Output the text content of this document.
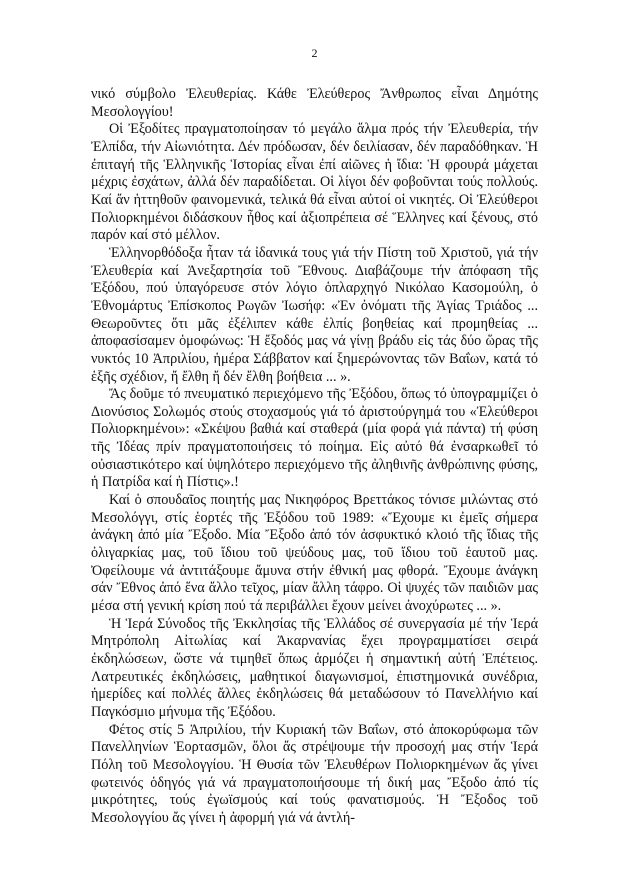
2

νικό σύμβολο Ἐλευθερίας. Κάθε Ἐλεύθερος Ἄνθρωπος εἶναι Δημότης Μεσολογγίου!

Οἱ Ἐξοδίτες πραγματοποίησαν τό μεγάλο ἅλμα πρός τήν Ἐλευθερία, τήν Ἐλπίδα, τήν Αἰωνιότητα. Δέν πρόδωσαν, δέν δειλίασαν, δέν παραδόθηκαν. Ἡ ἐπιταγή τῆς Ἑλληνικῆς Ἱστορίας εἶναι ἐπί αἰῶνες ἡ ἴδια: Ἡ φρουρά μάχεται μέχρις ἐσχάτων, ἀλλά δέν παραδίδεται. Οἱ λίγοι δέν φοβοῦνται τούς πολλούς. Καί ἄν ἡττηθοῦν φαινομενικά, τελικά θά εἶναι αὐτοί οἱ νικητές. Οἱ Ἐλεύθεροι Πολιορκημένοι διδάσκουν ἦθος καί ἀξιοπρέπεια σέ Ἕλληνες καί ξένους, στό παρόν καί στό μέλλον.

Ἑλληνορθόδοξα ἦταν τά ἰδανικά τους γιά τήν Πίστη τοῦ Χριστοῦ, γιά τήν Ἐλευθερία καί Ἀνεξαρτησία τοῦ Ἔθνους. Διαβάζουμε τήν ἀπόφαση τῆς Ἐξόδου, πού ὑπαγόρευσε στόν λόγιο ὁπλαρχηγό Νικόλαο Κασομούλη, ὁ Ἐθνομάρτυς Ἐπίσκοπος Ρωγῶν Ἰωσήφ: «Ἐν ὀνόματι τῆς Ἁγίας Τριάδος ... Θεωροῦντες ὅτι μᾶς ἐξέλιπεν κάθε ἐλπίς βοηθείας καί προμηθείας ... ἀποφασίσαμεν ὁμοφώνως: Ἡ ἔξοδός μας νά γίνῃ βράδυ εἰς τάς δύο ὥρας τῆς νυκτός 10 Ἀπριλίου, ἡμέρα Σάββατον καί ξημερώνοντας τῶν Βαΐων, κατά τό ἑξῆς σχέδιον, ἤ ἔλθη ἤ δέν ἔλθη βοήθεια ... ».

Ἄς δοῦμε τό πνευματικό περιεχόμενο τῆς Ἐξόδου, ὅπως τό ὑπογραμμίζει ὁ Διονύσιος Σολωμός στούς στοχασμούς γιά τό ἀριστούργημά του «Ἐλεύθεροι Πολιορκημένοι»: «Σκέψου βαθιά καί σταθερά (μία φορά γιά πάντα) τή φύση τῆς Ἰδέας πρίν πραγματοποιήσεις τό ποίημα. Εἰς αὐτό θά ἐνσαρκωθεῖ τό οὐσιαστικότερο καί ὑψηλότερο περιεχόμενο τῆς ἀληθινῆς ἀνθρώπινης φύσης, ἡ Πατρίδα καί ἡ Πίστις».!

Καί ὁ σπουδαῖος ποιητής μας Νικηφόρος Βρεττάκος τόνισε μιλώντας στό Μεσολόγγι, στίς ἑορτές τῆς Ἐξόδου τοῦ 1989: «Ἔχουμε κι ἐμεῖς σήμερα ἀνάγκη ἀπό μία Ἔξοδο. Μία Ἔξοδο ἀπό τόν ἀσφυκτικό κλοιό τῆς ἴδιας τῆς ὀλιγαρκίας μας, τοῦ ἴδιου τοῦ ψεύδους μας, τοῦ ἴδιου τοῦ ἑαυτοῦ μας. Ὀφείλουμε νά ἀντιτάξουμε ἄμυνα στήν ἐθνική μας φθορά. Ἔχουμε ἀνάγκη σάν Ἔθνος ἀπό ἕνα ἄλλο τεῖχος, μίαν ἄλλη τάφρο. Οἱ ψυχές τῶν παιδιῶν μας μέσα στή γενική κρίση πού τά περιβάλλει ἔχουν μείνει ἀνοχύρωτες ... ».

Ἡ Ἱερά Σύνοδος τῆς Ἐκκλησίας τῆς Ἑλλάδος σέ συνεργασία μέ τήν Ἱερά Μητρόπολη Αἰτωλίας καί Ἀκαρνανίας ἔχει προγραμματίσει σειρά ἐκδηλώσεων, ὥστε νά τιμηθεῖ ὅπως ἁρμόζει ἡ σημαντική αὐτή Ἐπέτειος. Λατρευτικές ἐκδηλώσεις, μαθητικοί διαγωνισμοί, ἐπιστημονικά συνέδρια, ἡμερίδες καί πολλές ἄλλες ἐκδηλώσεις θά μεταδώσουν τό Πανελλήνιο καί Παγκόσμιο μήνυμα τῆς Ἐξόδου.

Φέτος στίς 5 Ἀπριλίου, τήν Κυριακή τῶν Βαΐων, στό ἀποκορύφωμα τῶν Πανελληνίων Ἑορτασμῶν, ὅλοι ἄς στρέψουμε τήν προσοχή μας στήν Ἱερά Πόλη τοῦ Μεσολογγίου. Ἡ Θυσία τῶν Ἐλευθέρων Πολιορκημένων ἄς γίνει φωτεινός ὁδηγός γιά νά πραγματοποιήσουμε τή δική μας Ἔξοδο ἀπό τίς μικρότητες, τούς ἐγωϊσμούς καί τούς φανατισμούς. Ἡ Ἔξοδος τοῦ Μεσολογγίου ἄς γίνει ἡ ἀφορμή γιά νά ἀντλή-
